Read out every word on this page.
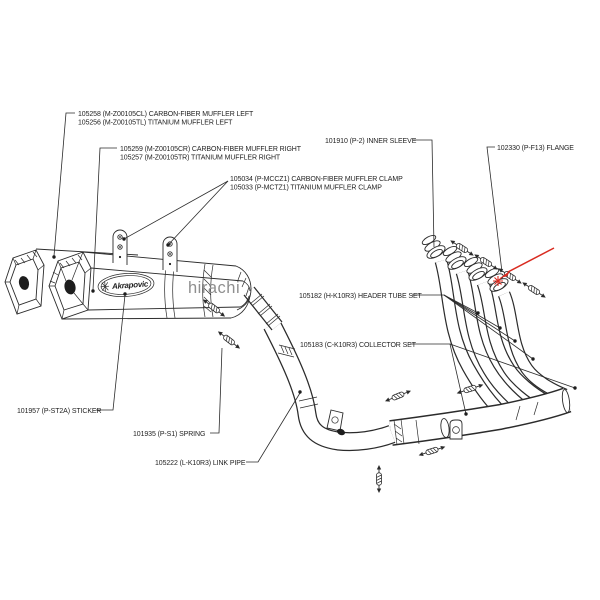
Akrapovic hirachi
105258 (M-Z00105CL) CARBON-FIBER MUFFLER LEFT
105256 (M-Z00105TL) TITANIUM MUFFLER LEFT
105259 (M-Z00105CR) CARBON-FIBER MUFFLER RIGHT
105257 (M-Z00105TR) TITANIUM MUFFLER RIGHT
105034 (P-MCCZ1) CARBON-FIBER MUFFLER CLAMP
105033 (P-MCTZ1) TITANIUM MUFFLER CLAMP
101910 (P-2) INNER SLEEVE
102330 (P-F13) FLANGE
105182 (H-K10R3) HEADER TUBE SET
105183 (C-K10R3) COLLECTOR SET
101957 (P-ST2A) STICKER
101935 (P-S1) SPRING
105222 (L-K10R3) LINK PIPE
